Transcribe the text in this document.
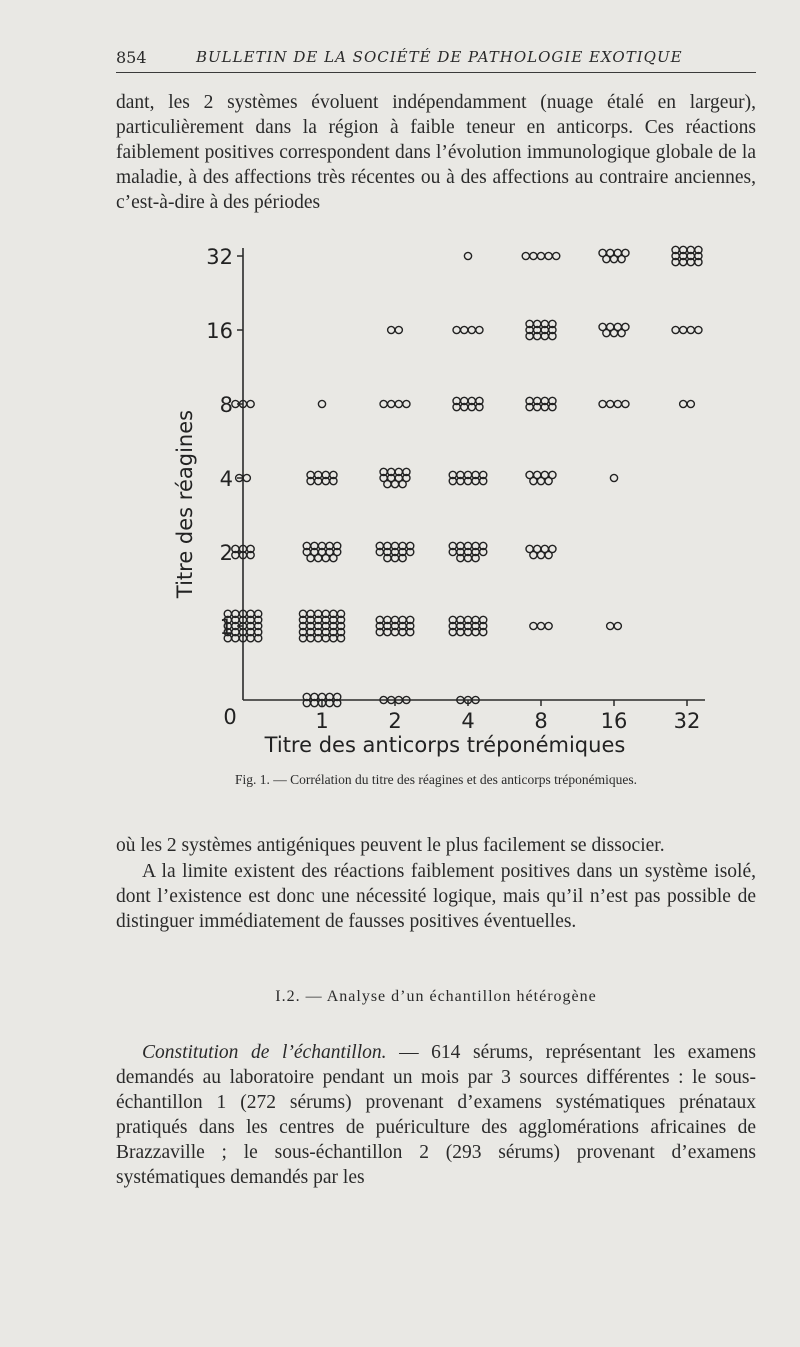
854	BULLETIN DE LA SOCIÉTÉ DE PATHOLOGIE EXOTIQUE

dant, les 2 systèmes évoluent indépendamment (nuage étalé en largeur), particulièrement dans la région à faible teneur en anticorps. Ces réactions faiblement positives correspondent dans l’évolution immunologique globale de la maladie, à des affections très récentes ou à des affections au contraire anciennes, c’est-à-dire à des périodes

0
1
2
4
8
16
32
1	2	4	8	16 32
Titre des anticorps tréponémiques
Titre des réagines
Fig. 1. — Corrélation du titre des réagines et des anticorps tréponémiques.

où les 2 systèmes antigéniques peuvent le plus facilement se dissocier.

A la limite existent des réactions faiblement positives dans un système isolé, dont l’existence est donc une nécessité logique, mais qu’il n’est pas possible de distinguer immédiatement de fausses positives éventuelles.

I.2. — Analyse d’un échantillon hétérogène

Constitution de l’échantillon. — 614 sérums, représentant les examens demandés au laboratoire pendant un mois par 3 sources différentes : le sous-échantillon 1 (272 sérums) provenant d’examens systématiques prénataux pratiqués dans les centres de puériculture des agglomérations africaines de Brazzaville ; le sous-échantillon 2 (293 sérums) provenant d’examens systématiques demandés par les
